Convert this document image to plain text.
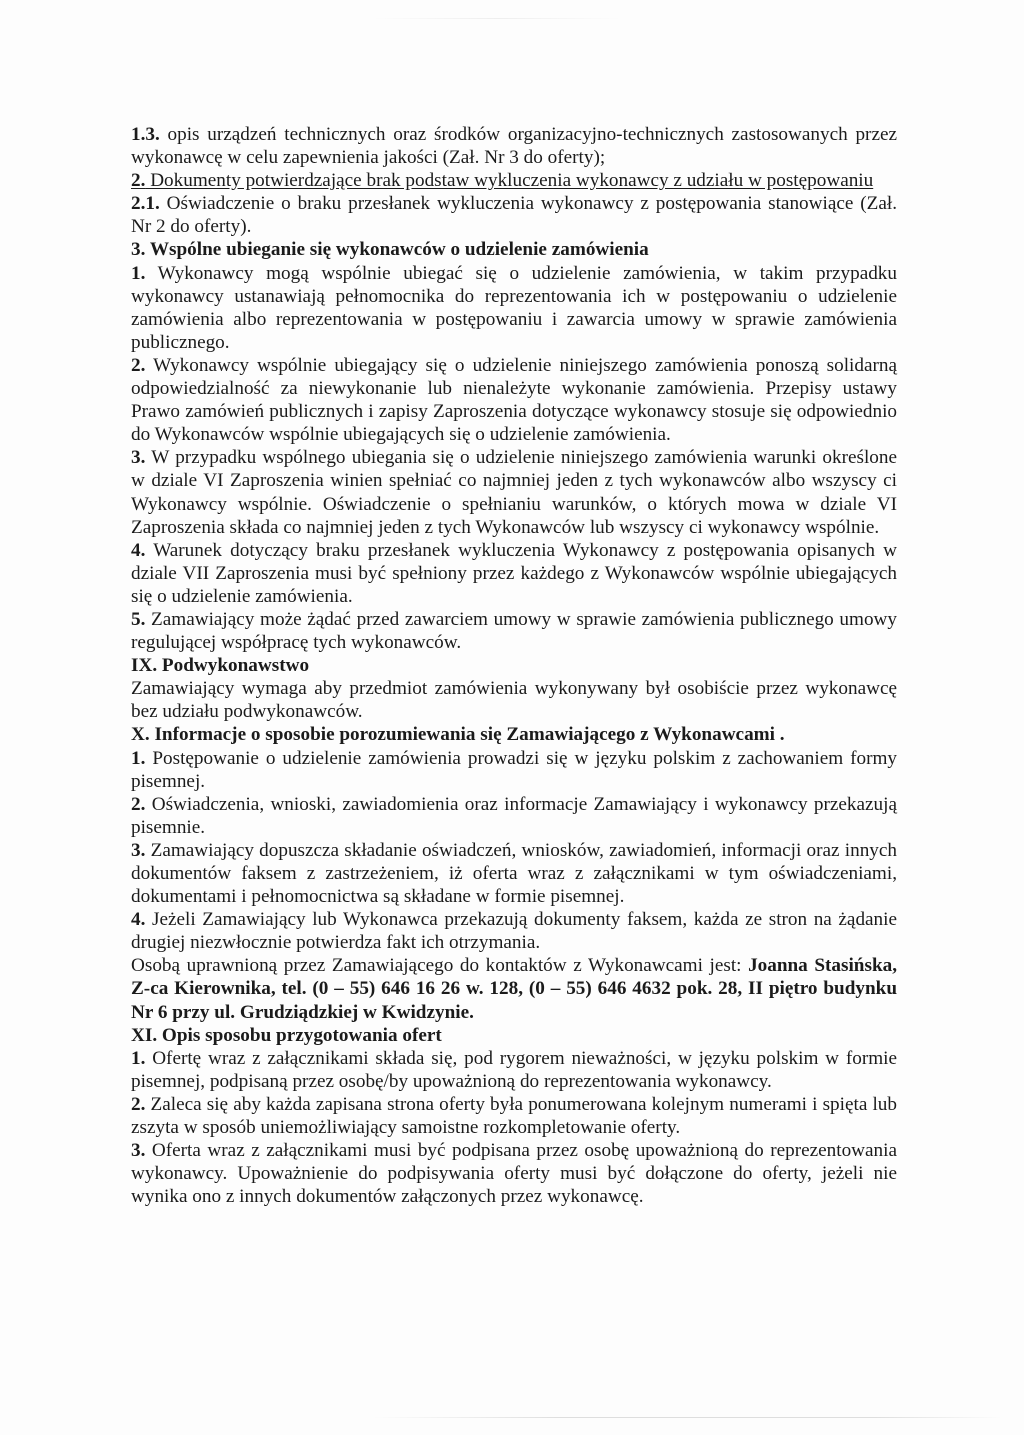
1.3. opis urządzeń technicznych oraz środków organizacyjno-technicznych zastosowanych przez wykonawcę w celu zapewnienia jakości (Zał. Nr 3 do oferty);

2. Dokumenty potwierdzające brak podstaw wykluczenia wykonawcy z udziału w postępowaniu

2.1. Oświadczenie o braku przesłanek wykluczenia wykonawcy z postępowania stanowiące (Zał. Nr 2 do oferty).

3. Wspólne ubieganie się wykonawców o udzielenie zamówienia

1. Wykonawcy mogą wspólnie ubiegać się o udzielenie zamówienia, w takim przypadku wykonawcy ustanawiają pełnomocnika do reprezentowania ich w postępowaniu o udzielenie zamówienia albo reprezentowania w postępowaniu i zawarcia umowy w sprawie zamówienia publicznego.

2. Wykonawcy wspólnie ubiegający się o udzielenie niniejszego zamówienia ponoszą solidarną odpowiedzialność za niewykonanie lub nienależyte wykonanie zamówienia. Przepisy ustawy Prawo zamówień publicznych i zapisy Zaproszenia dotyczące wykonawcy stosuje się odpowiednio do Wykonawców wspólnie ubiegających się o udzielenie zamówienia.

3. W przypadku wspólnego ubiegania się o udzielenie niniejszego zamówienia warunki określone w dziale VI Zaproszenia winien spełniać co najmniej jeden z tych wykonawców albo wszyscy ci Wykonawcy wspólnie. Oświadczenie o spełnianiu warunków, o których mowa w dziale VI Zaproszenia składa co najmniej jeden z tych Wykonawców lub wszyscy ci wykonawcy wspólnie.

4. Warunek dotyczący braku przesłanek wykluczenia Wykonawcy z postępowania opisanych w dziale VII Zaproszenia musi być spełniony przez każdego z Wykonawców wspólnie ubiegających się o udzielenie zamówienia.

5. Zamawiający może żądać przed zawarciem umowy w sprawie zamówienia publicznego umowy regulującej współpracę tych wykonawców.

IX. Podwykonawstwo

Zamawiający wymaga aby przedmiot zamówienia wykonywany był osobiście przez wykonawcę bez udziału podwykonawców.

X. Informacje o sposobie porozumiewania się Zamawiającego z Wykonawcami .

1. Postępowanie o udzielenie zamówienia prowadzi się w języku polskim z zachowaniem formy pisemnej.

2. Oświadczenia, wnioski, zawiadomienia oraz informacje Zamawiający i wykonawcy przekazują pisemnie.

3. Zamawiający dopuszcza składanie oświadczeń, wniosków, zawiadomień, informacji oraz innych dokumentów faksem z zastrzeżeniem, iż oferta wraz z załącznikami w tym oświadczeniami, dokumentami i pełnomocnictwa są składane w formie pisemnej.

4. Jeżeli Zamawiający lub Wykonawca przekazują dokumenty faksem, każda ze stron na żądanie drugiej niezwłocznie potwierdza fakt ich otrzymania.

Osobą uprawnioną przez Zamawiającego do kontaktów z Wykonawcami jest: Joanna Stasińska, Z-ca Kierownika, tel. (0 – 55) 646 16 26 w. 128, (0 – 55) 646 4632 pok. 28, II piętro budynku Nr 6 przy ul. Grudziądzkiej w Kwidzynie.

XI. Opis sposobu przygotowania ofert

1. Ofertę wraz z załącznikami składa się, pod rygorem nieważności, w języku polskim w formie pisemnej, podpisaną przez osobę/by upoważnioną do reprezentowania wykonawcy.

2. Zaleca się aby każda zapisana strona oferty była ponumerowana kolejnym numerami i spięta lub zszyta w sposób uniemożliwiający samoistne rozkompletowanie oferty.

3. Oferta wraz z załącznikami musi być podpisana przez osobę upoważnioną do reprezentowania wykonawcy. Upoważnienie do podpisywania oferty musi być dołączone do oferty, jeżeli nie wynika ono z innych dokumentów załączonych przez wykonawcę.
